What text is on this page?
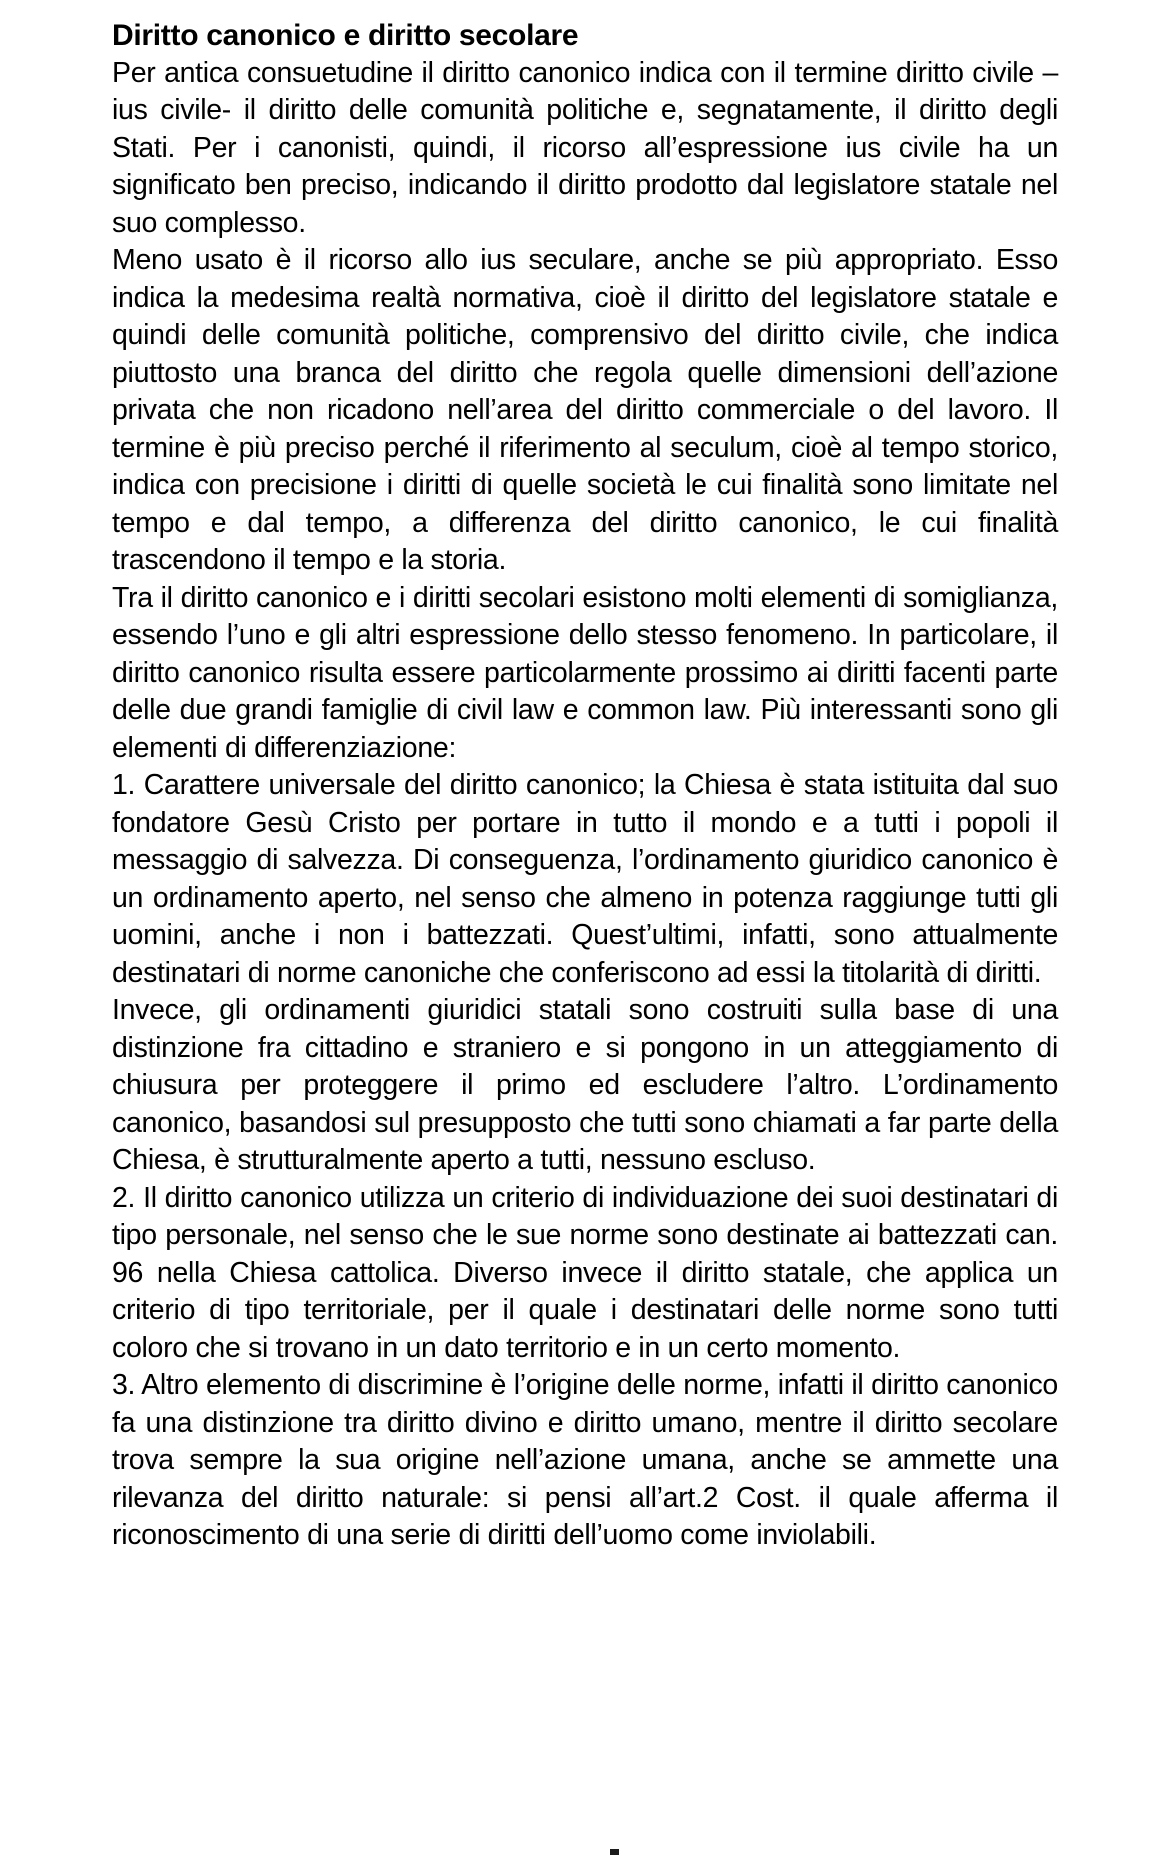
Diritto canonico e diritto secolare

Per antica consuetudine il diritto canonico indica con il termine diritto civile – ius civile- il diritto delle comunità politiche e, segnatamente, il diritto degli Stati. Per i canonisti, quindi, il ricorso all’espressione ius civile ha un significato ben preciso, indicando il diritto prodotto dal legislatore statale nel suo complesso.

Meno usato è il ricorso allo ius seculare, anche se più appropriato. Esso indica la medesima realtà normativa, cioè il diritto del legislatore statale e quindi delle comunità politiche, comprensivo del diritto civile, che indica piuttosto una branca del diritto che regola quelle dimensioni dell’azione privata che non ricadono nell’area del diritto commerciale o del lavoro. Il termine è più preciso perché il riferimento al seculum, cioè al tempo storico, indica con precisione i diritti di quelle società le cui finalità sono limitate nel tempo e dal tempo, a differenza del diritto canonico, le cui finalità trascendono il tempo e la storia.

Tra il diritto canonico e i diritti secolari esistono molti elementi di somiglianza, essendo l’uno e gli altri espressione dello stesso fenomeno. In particolare, il diritto canonico risulta essere particolarmente prossimo ai diritti facenti parte delle due grandi famiglie di civil law e common law. Più interessanti sono gli elementi di differenziazione:

1. Carattere universale del diritto canonico; la Chiesa è stata istituita dal suo fondatore Gesù Cristo per portare in tutto il mondo e a tutti i popoli il messaggio di salvezza. Di conseguenza, l’ordinamento giuridico canonico è un ordinamento aperto, nel senso che almeno in potenza raggiunge tutti gli uomini, anche i non i battezzati. Quest’ultimi, infatti, sono attualmente destinatari di norme canoniche che conferiscono ad essi la titolarità di diritti.

Invece, gli ordinamenti giuridici statali sono costruiti sulla base di una distinzione fra cittadino e straniero e si pongono in un atteggiamento di chiusura per proteggere il primo ed escludere l’altro. L’ordinamento canonico, basandosi sul presupposto che tutti sono chiamati a far parte della Chiesa, è strutturalmente aperto a tutti, nessuno escluso.

2. Il diritto canonico utilizza un criterio di individuazione dei suoi destinatari di tipo personale, nel senso che le sue norme sono destinate ai battezzati can. 96 nella Chiesa cattolica. Diverso invece il diritto statale, che applica un criterio di tipo territoriale, per il quale i destinatari delle norme sono tutti coloro che si trovano in un dato territorio e in un certo momento.

3. Altro elemento di discrimine è l’origine delle norme, infatti il diritto canonico fa una distinzione tra diritto divino e diritto umano, mentre il diritto secolare trova sempre la sua origine nell’azione umana, anche se ammette una rilevanza del diritto naturale: si pensi all’art.2 Cost. il quale afferma il riconoscimento di una serie di diritti dell’uomo come inviolabili.
